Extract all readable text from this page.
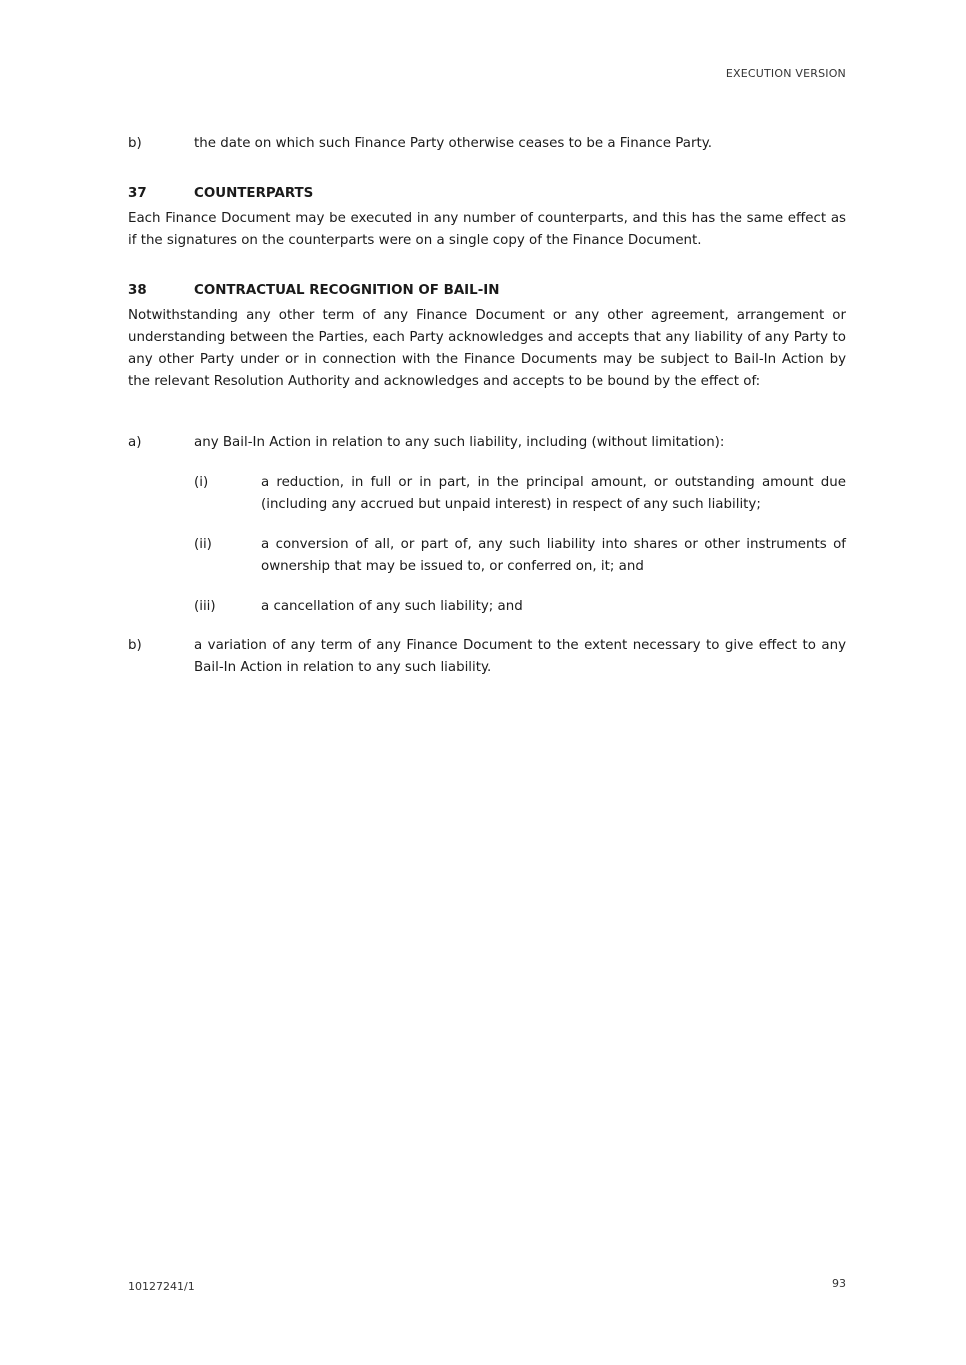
EXECUTION VERSION
b)	the date on which such Finance Party otherwise ceases to be a Finance Party.
37	COUNTERPARTS
Each Finance Document may be executed in any number of counterparts, and this has the same effect as if the signatures on the counterparts were on a single copy of the Finance Document.
38	CONTRACTUAL RECOGNITION OF BAIL-IN
Notwithstanding any other term of any Finance Document or any other agreement, arrangement or understanding between the Parties, each Party acknowledges and accepts that any liability of any Party to any other Party under or in connection with the Finance Documents may be subject to Bail-In Action by the relevant Resolution Authority and acknowledges and accepts to be bound by the effect of:
a)	any Bail-In Action in relation to any such liability, including (without limitation):
(i)	a reduction, in full or in part, in the principal amount, or outstanding amount due (including any accrued but unpaid interest) in respect of any such liability;
(ii)	a conversion of all, or part of, any such liability into shares or other instruments of ownership that may be issued to, or conferred on, it; and
(iii)	a cancellation of any such liability; and
b)	a variation of any term of any Finance Document to the extent necessary to give effect to any Bail-In Action in relation to any such liability.
10127241/1	93
